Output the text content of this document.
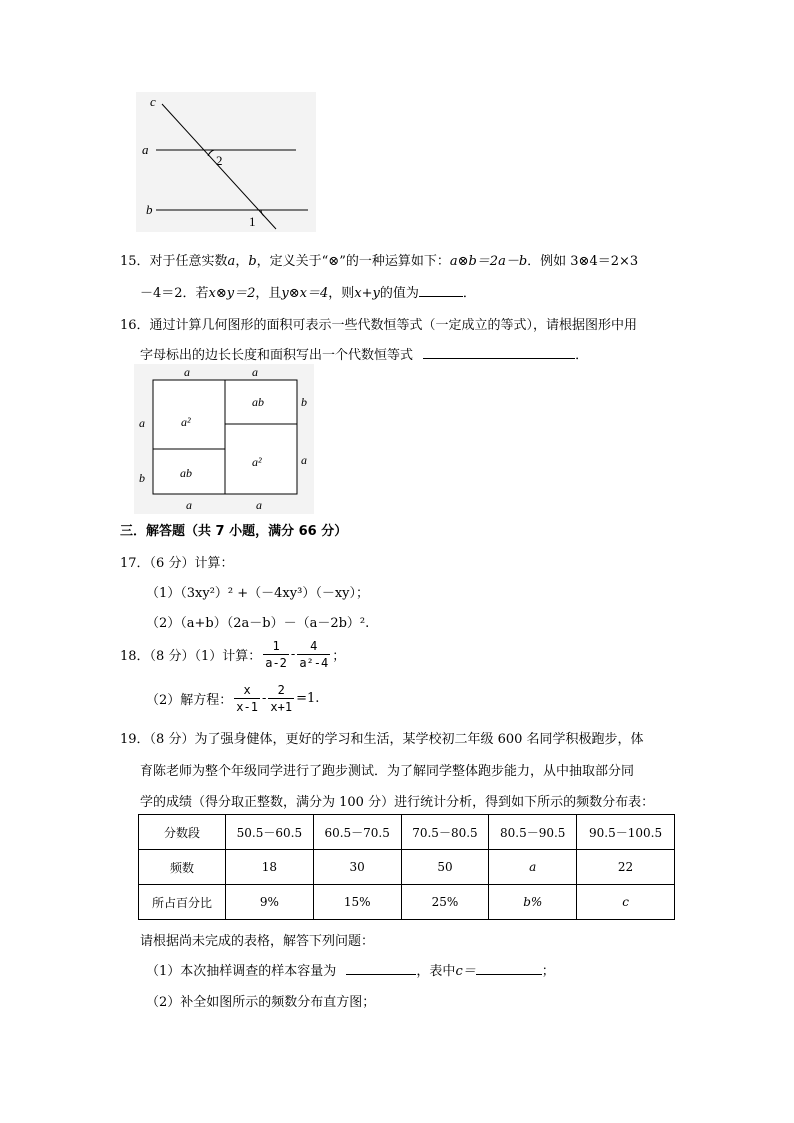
c
a
b
2
1
15．对于任意实数a，b，定义关于“⊗”的一种运算如下：a⊗b＝2a－b．例如 3⊗4＝2×3
－4＝2．若x⊗y＝2，且y⊗x＝4，则x+y的值为	．
16．通过计算几何图形的面积可表示一些代数恒等式（一定成立的等式），请根据图形中用
字母标出的边长长度和面积写出一个代数恒等式	．
a	a
a
b
b
a
a	a
a²
ab
ab
a²
三．解答题（共 7 小题，满分 66 分）
17．（6 分）计算：
（1）（3xy²）² +（－4xy³）（－xy）；
（2）（a+b）（2a－b）－（a－2b）².
18．（8 分）（1）计算： $\frac{1}{a-2} - \frac{4}{\text{a²-4}}$ ；
（2）解方程： $\frac{x}{x-1} - \frac{2}{x+1} =1$.
19．（8 分）为了强身健体，更好的学习和生活，某学校初二年级 600 名同学积极跑步，体
育陈老师为整个年级同学进行了跑步测试．为了解同学整体跑步能力，从中抽取部分同
学的成绩（得分取正整数，满分为 100 分）进行统计分析，得到如下所示的频数分布表：
分数段	50.5－60.5	60.5－70.5	70.5－80.5	80.5－90.5	90.5－100.5
频数	18	30	50	a	22
所占百分比	9%	15%	25%	b%	c
请根据尚未完成的表格，解答下列问题：
（1）本次抽样调查的样本容量为	，表中c＝	；
（2）补全如图所示的频数分布直方图；
